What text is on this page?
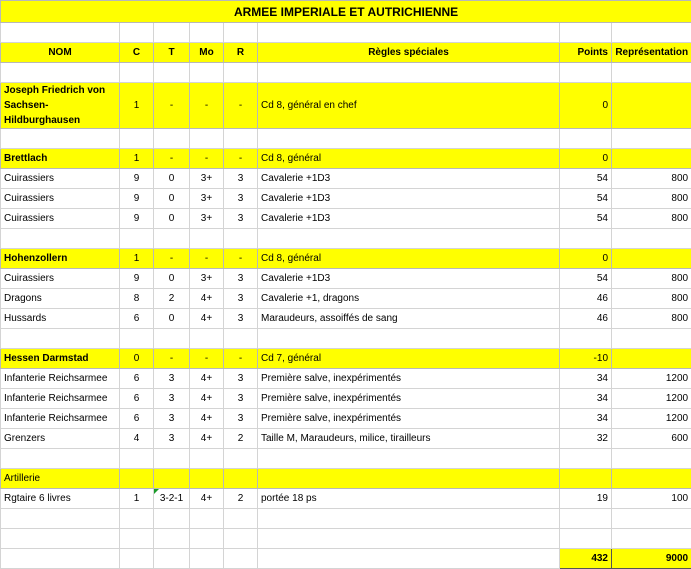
ARMEE IMPERIALE ET AUTRICHIENNE							

NOM	C	T	Mo	R	Règles spéciales	Points	Représentation

Joseph Friedrich von
Sachsen-Hildburghausen	1	-	-	-	Cd 8, général en chef	0	

Brettlach	1	-	-	-	Cd 8, général	0	
Cuirassiers	9	0	3+	3	Cavalerie +1D3	54	800
Cuirassiers	9	0	3+	3	Cavalerie +1D3	54	800
Cuirassiers	9	0	3+	3	Cavalerie +1D3	54	800

Hohenzollern	1	-	-	-	Cd 8, général	0	
Cuirassiers	9	0	3+	3	Cavalerie +1D3	54	800
Dragons	8	2	4+	3	Cavalerie +1, dragons	46	800
Hussards	6	0	4+	3	Maraudeurs, assoiffés de sang	46	800

Hessen Darmstad	0	-	-	-	Cd 7, général	-10	
Infanterie Reichsarmee	6	3	4+	3	Première salve, inexpérimentés	34	1200
Infanterie Reichsarmee	6	3	4+	3	Première salve, inexpérimentés	34	1200
Infanterie Reichsarmee	6	3	4+	3	Première salve, inexpérimentés	34	1200
Grenzers	4	3	4+	2	Taille M, Maraudeurs, milice, tirailleurs	32	600

Artillerie							
Rgtaire 6 livres	1	3-2-1	4+	2	portée 18 ps	19	100

						432	9000
